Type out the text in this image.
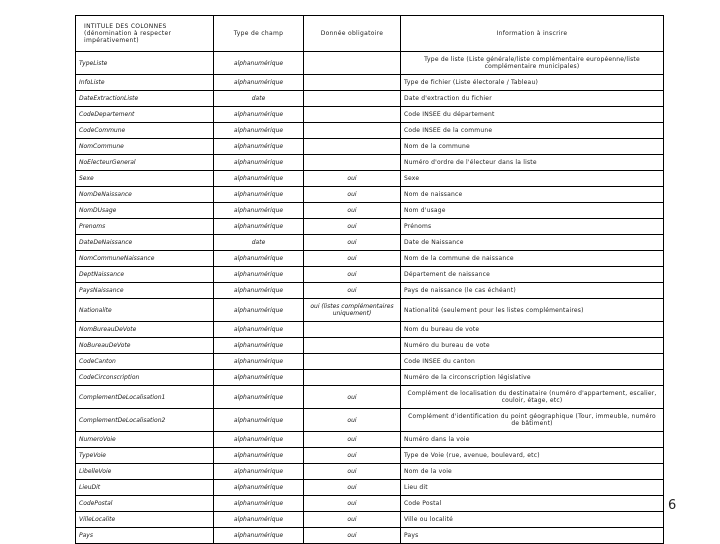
INTITULE DES COLONNES (dénomination à respecter impérativement)	Type de champ	Donnée obligatoire	Information à inscrire
TypeListe	alphanumérique		Type de liste (Liste générale/liste complémentaire européenne/liste complémentaire municipales)
InfoListe	alphanumérique		Type de fichier (Liste électorale / Tableau)
DateExtractionListe	date		Date d'extraction du fichier
CodeDepartement	alphanumérique		Code INSEE du département
CodeCommune	alphanumérique		Code INSEE de la commune
NomCommune	alphanumérique		Nom de la commune
NoElecteurGeneral	alphanumérique		Numéro d'ordre de l'électeur dans la liste
Sexe	alphanumérique	oui	Sexe
NomDeNaissance	alphanumérique	oui	Nom de naissance
NomDUsage	alphanumérique	oui	Nom d'usage
Prenoms	alphanumérique	oui	Prénoms
DateDeNaissance	date	oui	Date de Naissance
NomCommuneNaissance	alphanumérique	oui	Nom de la commune de naissance
DeptNaissance	alphanumérique	oui	Département de naissance
PaysNaissance	alphanumérique	oui	Pays de naissance (le cas échéant)
Nationalite	alphanumérique	oui (listes complémentaires uniquement)	Nationalité (seulement pour les listes complémentaires)
NomBureauDeVote	alphanumérique		Nom du bureau de vote
NoBureauDeVote	alphanumérique		Numéro du bureau de vote
CodeCanton	alphanumérique		Code INSEE du canton
CodeCirconscription	alphanumérique		Numéro de la circonscription législative
ComplementDeLocalisation1	alphanumérique	oui	Complément de localisation du destinataire (numéro d'appartement, escalier, couloir, étage, etc)
ComplementDeLocalisation2	alphanumérique	oui	Complément d'identification du point géographique (Tour, immeuble, numéro de bâtiment)
NumeroVoie	alphanumérique	oui	Numéro dans la voie
TypeVoie	alphanumérique	oui	Type de Voie (rue, avenue, boulevard, etc)
LibelleVoie	alphanumérique	oui	Nom de la voie
LieuDit	alphanumérique	oui	Lieu dit
CodePostal	alphanumérique	oui	Code Postal
VilleLocalite	alphanumérique	oui	Ville ou localité
Pays	alphanumérique	oui	Pays
6
